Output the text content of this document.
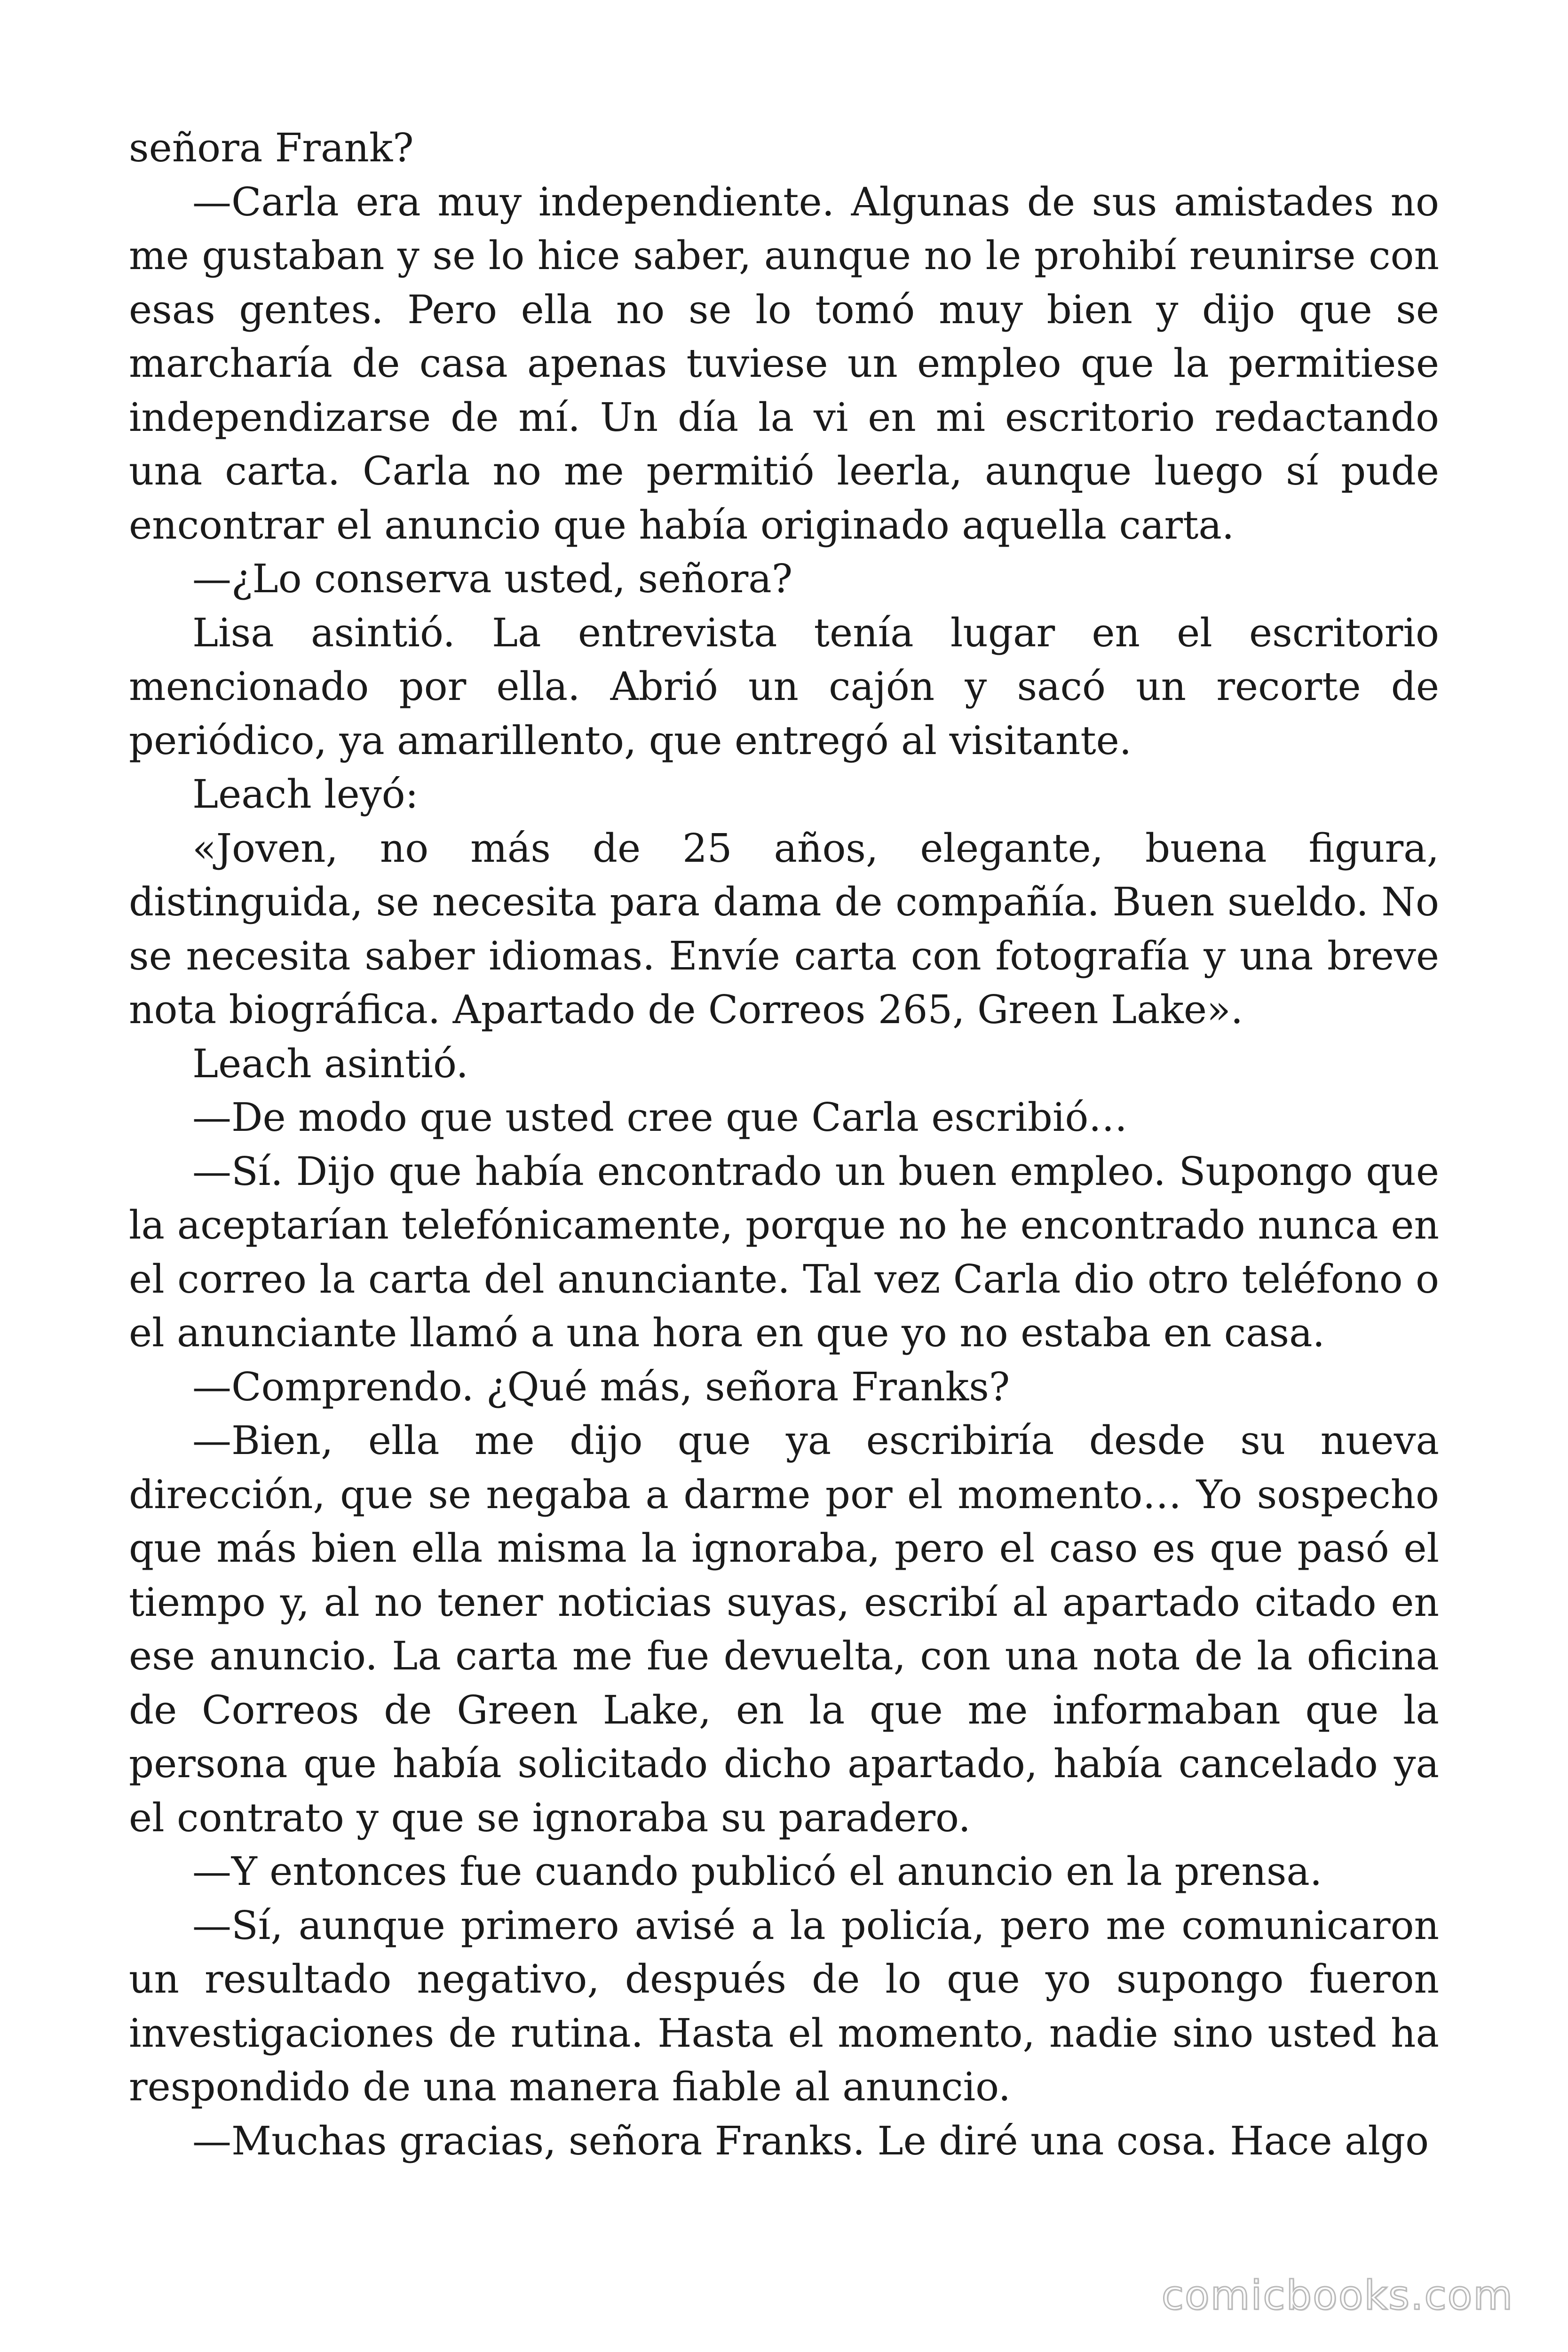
señora Frank?

—Carla era muy independiente. Algunas de sus amistades no me gustaban y se lo hice saber, aunque no le prohibí reunirse con esas gentes. Pero ella no se lo tomó muy bien y dijo que se marcharía de casa apenas tuviese un empleo que la permitiese independizarse de mí. Un día la vi en mi escritorio redactando una carta. Carla no me permitió leerla, aunque luego sí pude encontrar el anuncio que había originado aquella carta.

—¿Lo conserva usted, señora?

Lisa asintió. La entrevista tenía lugar en el escritorio mencionado por ella. Abrió un cajón y sacó un recorte de periódico, ya amarillento, que entregó al visitante.

Leach leyó:

«Joven, no más de 25 años, elegante, buena figura, distinguida, se necesita para dama de compañía. Buen sueldo. No se necesita saber idiomas. Envíe carta con fotografía y una breve nota biográfica. Apartado de Correos 265, Green Lake».

Leach asintió.

—De modo que usted cree que Carla escribió…

—Sí. Dijo que había encontrado un buen empleo. Supongo que la aceptarían telefónicamente, porque no he encontrado nunca en el correo la carta del anunciante. Tal vez Carla dio otro teléfono o el anunciante llamó a una hora en que yo no estaba en casa.

—Comprendo. ¿Qué más, señora Franks?

—Bien, ella me dijo que ya escribiría desde su nueva dirección, que se negaba a darme por el momento… Yo sospecho que más bien ella misma la ignoraba, pero el caso es que pasó el tiempo y, al no tener noticias suyas, escribí al apartado citado en ese anuncio. La carta me fue devuelta, con una nota de la oficina de Correos de Green Lake, en la que me informaban que la persona que había solicitado dicho apartado, había cancelado ya el contrato y que se ignoraba su paradero.

—Y entonces fue cuando publicó el anuncio en la prensa.

—Sí, aunque primero avisé a la policía, pero me comunicaron un resultado negativo, después de lo que yo supongo fueron investigaciones de rutina. Hasta el momento, nadie sino usted ha respondido de una manera fiable al anuncio.

—Muchas gracias, señora Franks. Le diré una cosa. Hace algo

comicbooks.com
